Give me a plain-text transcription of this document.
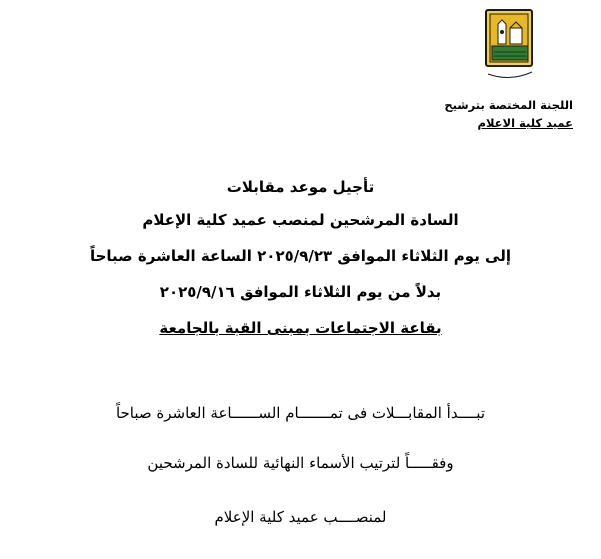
اللجنة المختصة بترشيح
عميد كلية الاعلام
تأجيل موعد مقابلات
السادة المرشحين لمنصب عميد كلية الإعلام
إلى يوم الثلاثاء الموافق ٢٠٢٥/٩/٢٣ الساعة العاشرة صباحاً
بدلاً من يوم الثلاثاء الموافق ٢٠٢٥/٩/١٦
بقاعة الاجتماعات بمبنى القبة بالجامعة
تبــــدأ المقابـــلات فى تمـــــــام الســــــاعة العاشرة صباحاً
وفقـــــاً لترتيب الأسماء النهائية للسادة المرشحين
لمنصــــب عميد كلية الإعلام
